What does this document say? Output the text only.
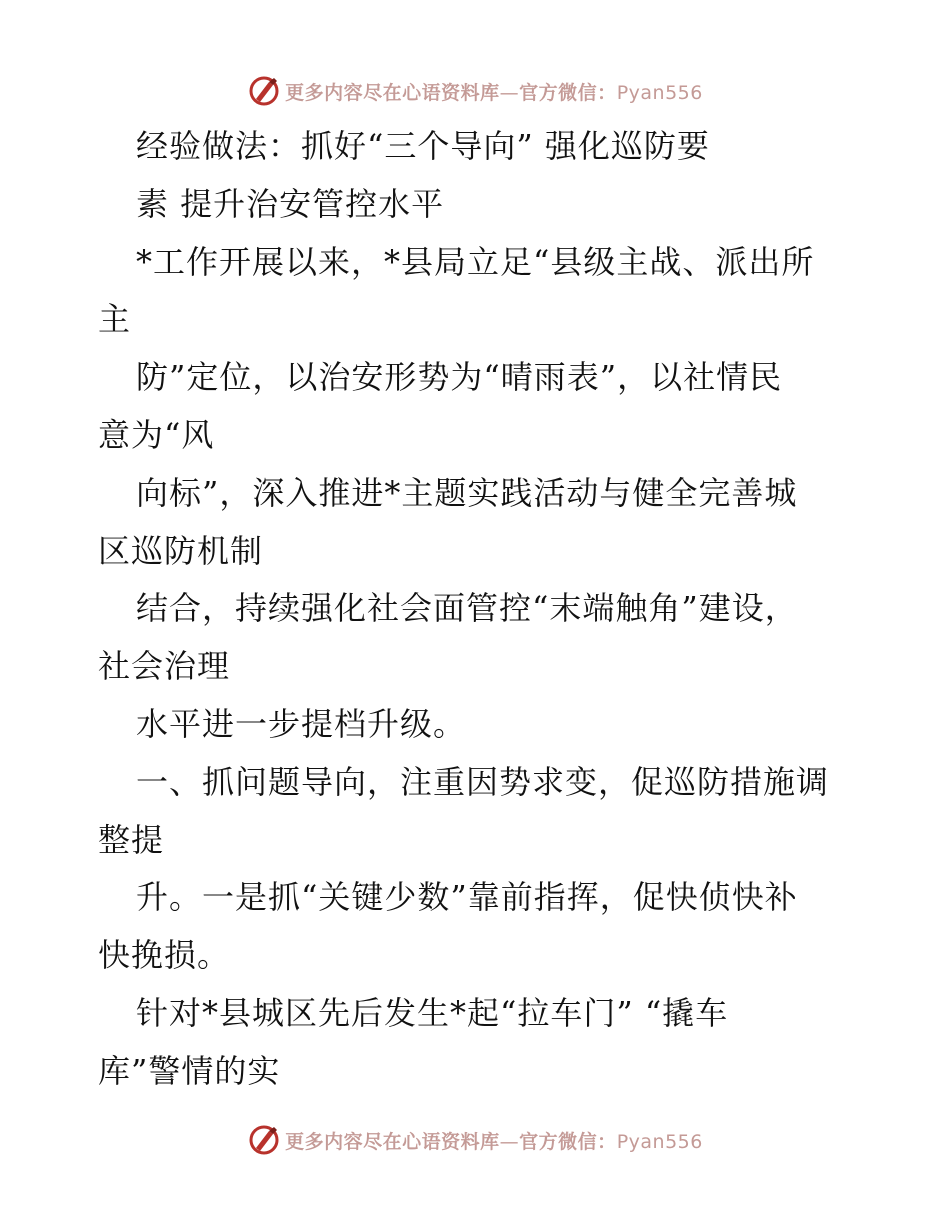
更多内容尽在心语资料库—官方微信：Pyan556
经验做法：抓好“三个导向” 强化巡防要
素 提升治安管控水平
*工作开展以来，*县局立足“县级主战、派出所
主
防”定位，以治安形势为“晴雨表”，以社情民
意为“风
向标”，深入推进*主题实践活动与健全完善城
区巡防机制
结合，持续强化社会面管控“末端触角”建设，
社会治理
水平进一步提档升级。
一、抓问题导向，注重因势求变，促巡防措施调
整提
升。一是抓“关键少数”靠前指挥，促快侦快补
快挽损。
针对*县城区先后发生*起“拉车门” “撬车
库”警情的实
更多内容尽在心语资料库—官方微信：Pyan556
